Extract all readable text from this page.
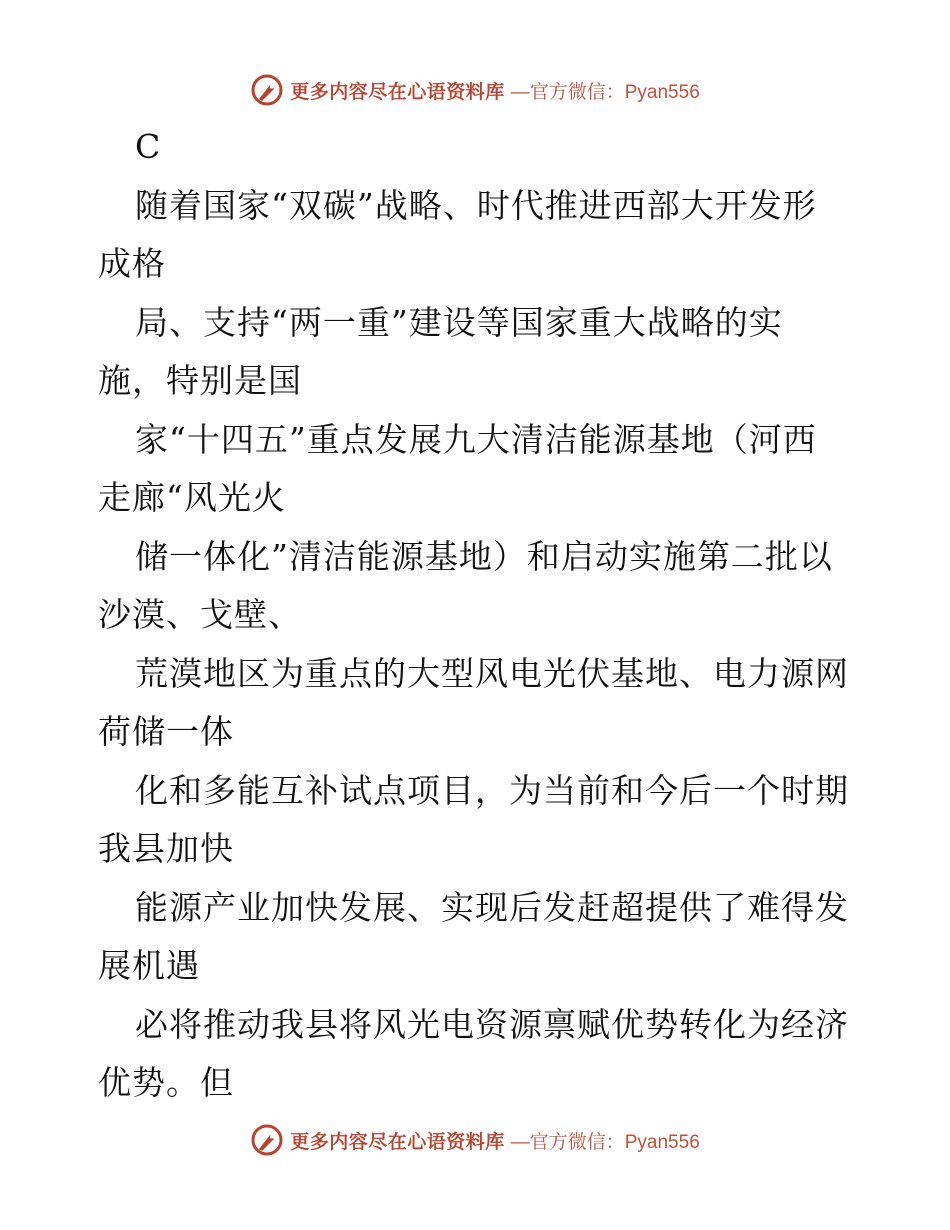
更多内容尽在心语资料库 —官方微信：Pyan556
C
随着国家“双碳”战略、时代推进西部大开发形
成格
局、支持“两一重”建设等国家重大战略的实
施，特别是国
家“十四五”重点发展九大清洁能源基地（河西
走廊“风光火
储一体化”清洁能源基地）和启动实施第二批以
沙漠、戈壁、
荒漠地区为重点的大型风电光伏基地、电力源网
荷储一体
化和多能互补试点项目，为当前和今后一个时期
我县加快
能源产业加快发展、实现后发赶超提供了难得发
展机遇
必将推动我县将风光电资源禀赋优势转化为经济
优势。但
更多内容尽在心语资料库 —官方微信：Pyan556
